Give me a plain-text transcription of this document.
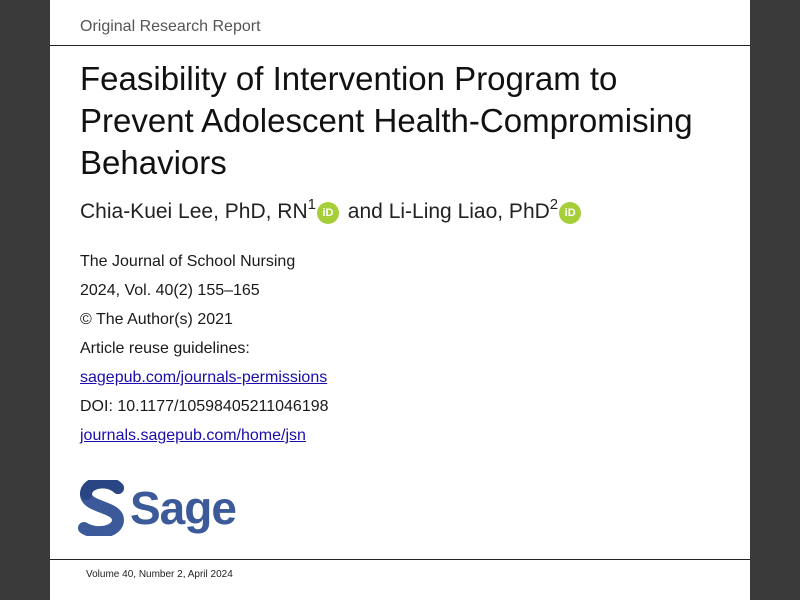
Original Research Report
Feasibility of Intervention Program to Prevent Adolescent Health-Compromising Behaviors
Chia-Kuei Lee, PhD, $RN^1$ iD and Li-Ling Liao, PhD$^2$ iD
The Journal of School Nursing
2024, Vol. 40(2) 155–165
© The Author(s) 2021
Article reuse guidelines:
sagepub.com/journals-permissions
DOI: 10.1177/10598405211046198
journals.sagepub.com/home/jsn
Sage
Volume 40, Number 2, April 2024
